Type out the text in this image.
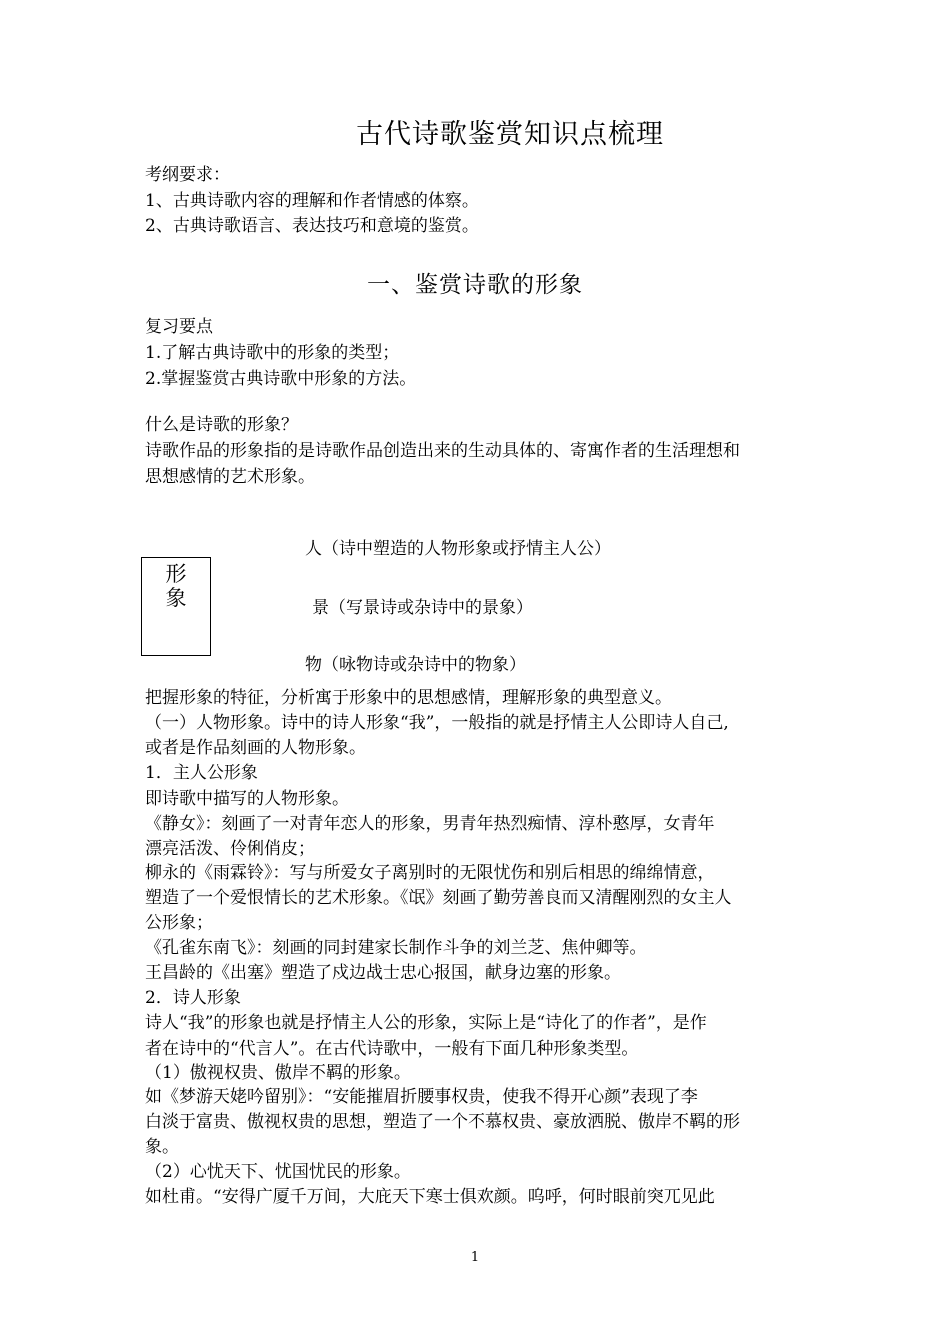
古代诗歌鉴赏知识点梳理
考纲要求：
1、古典诗歌内容的理解和作者情感的体察。
2、古典诗歌语言、表达技巧和意境的鉴赏。
一、鉴赏诗歌的形象
复习要点
1.了解古典诗歌中的形象的类型；
2.掌握鉴赏古典诗歌中形象的方法。
什么是诗歌的形象？
诗歌作品的形象指的是诗歌作品创造出来的生动具体的、寄寓作者的生活理想和
思想感情的艺术形象。
形
象
人（诗中塑造的人物形象或抒情主人公）
景（写景诗或杂诗中的景象）
物（咏物诗或杂诗中的物象）
把握形象的特征，分析寓于形象中的思想感情，理解形象的典型意义。
（一）人物形象。诗中的诗人形象“我”，一般指的就是抒情主人公即诗人自己,
或者是作品刻画的人物形象。
1．主人公形象
即诗歌中描写的人物形象。
《静女》：刻画了一对青年恋人的形象，男青年热烈痴情、淳朴憨厚，女青年
漂亮活泼、伶俐俏皮；
柳永的《雨霖铃》：写与所爱女子离别时的无限忧伤和别后相思的绵绵情意，
塑造了一个爱恨情长的艺术形象。《氓》刻画了勤劳善良而又清醒刚烈的女主人
公形象；
《孔雀东南飞》：刻画的同封建家长制作斗争的刘兰芝、焦仲卿等。
王昌龄的《出塞》塑造了戍边战士忠心报国，献身边塞的形象。
2．诗人形象
诗人“我”的形象也就是抒情主人公的形象，实际上是“诗化了的作者”，是作
者在诗中的“代言人”。在古代诗歌中，一般有下面几种形象类型。
（1）傲视权贵、傲岸不羁的形象。
如《梦游天姥吟留别》：“安能摧眉折腰事权贵，使我不得开心颜”表现了李
白淡于富贵、傲视权贵的思想，塑造了一个不慕权贵、豪放洒脱、傲岸不羁的形
象。
（2）心忧天下、忧国忧民的形象。
如杜甫。“安得广厦千万间，大庇天下寒士俱欢颜。呜呼，何时眼前突兀见此
1
